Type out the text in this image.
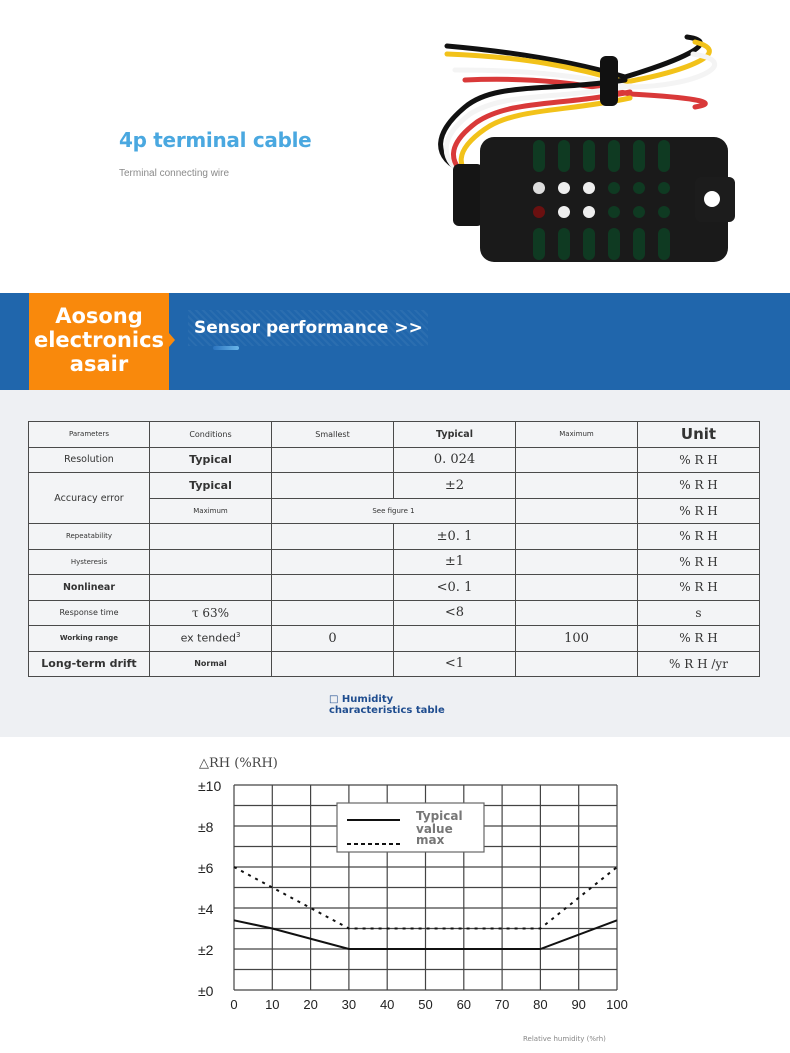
4p terminal cable
Terminal connecting wire
Aosong
electronics
asair
Sensor performance >>
Parameters	Conditions	Smallest	Typical	Maximum	Unit
Resolution	Typical		0. 024		% R H
Accuracy error	Typical		±2		% R H
	Maximum	See figure 1			% R H
Repeatability			±0. 1		% R H
Hysteresis			±1		% R H
Nonlinear			<0. 1		% R H
Response time	τ 63%		<8		s
Working range	ex tended$^3$	0		100	% R H
Long-term drift	Normal		<1		% R H /yr
□ Humidity
characteristics table
△RH (%RH)
±0
±2
±4
±6
±8
±10
0 10 20 30 40 50 60 70 80 90 100
Typical
value
max
Relative humidity (%rh)
